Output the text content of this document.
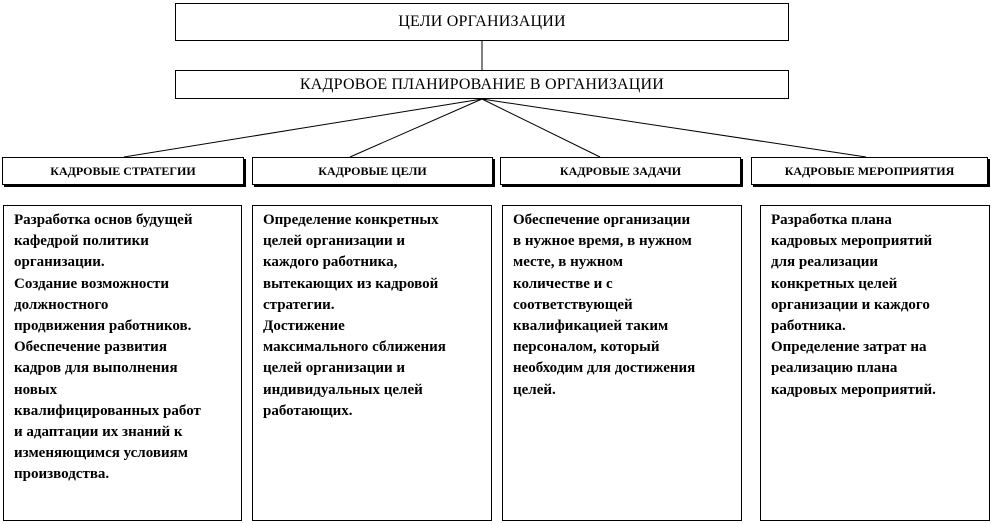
ЦЕЛИ ОРГАНИЗАЦИИ
КАДРОВОЕ ПЛАНИРОВАНИЕ В ОРГАНИЗАЦИИ
КАДРОВЫЕ СТРАТЕГИИ	КАДРОВЫЕ ЦЕЛИ	КАДРОВЫЕ ЗАДАЧИ	КАДРОВЫЕ МЕРОПРИЯТИЯ
Разработка основ будущей
кафедрой политики
организации.
Создание возможности
должностного
продвижения работников.
Обеспечение развития
кадров для выполнения
новых
квалифицированных работ
и адаптации их знаний к
изменяющимся условиям
производства.
Определение конкретных
целей организации и
каждого работника,
вытекающих из кадровой
стратегии.
Достижение
максимального сближения
целей организации и
индивидуальных целей
работающих.
Обеспечение организации
в нужное время, в нужном
месте, в нужном
количестве и с
соответствующей
квалификацией таким
персоналом, который
необходим для достижения
целей.
Разработка плана
кадровых мероприятий
для реализации
конкретных целей
организации и каждого
работника.
Определение затрат на
реализацию плана
кадровых мероприятий.
